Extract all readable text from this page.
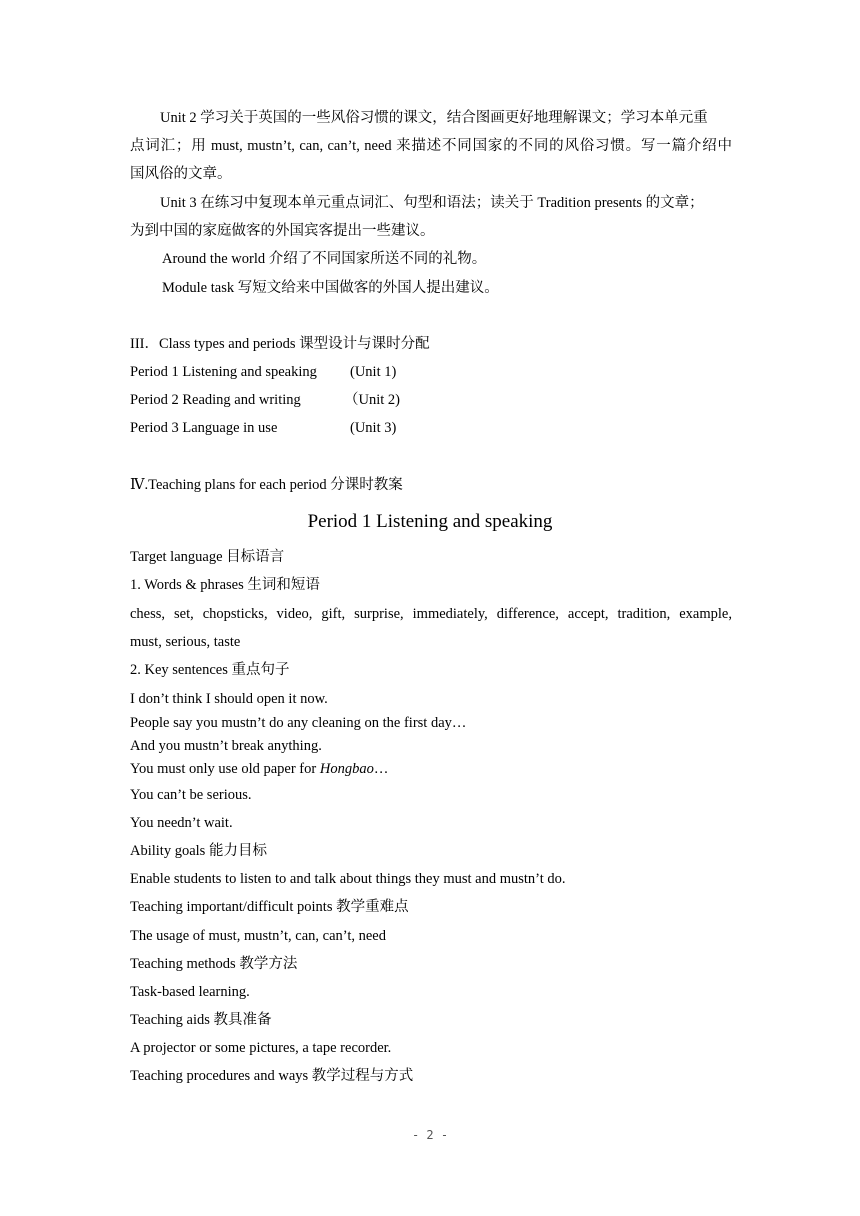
Unit 2 学习关于英国的一些风俗习惯的课文，结合图画更好地理解课文；学习本单元重
点词汇；用 must, mustn’t, can, can’t, need 来描述不同国家的不同的风俗习惯。写一篇介绍中
国风俗的文章。
Unit 3 在练习中复现本单元重点词汇、句型和语法；读关于 Tradition presents 的文章；
为到中国的家庭做客的外国宾客提出一些建议。
Around the world 介绍了不同国家所送不同的礼物。
Module task 写短文给来中国做客的外国人提出建议。
III．Class types and periods 课型设计与课时分配
Period 1 Listening and speaking (Unit 1)
Period 2 Reading and writing	（Unit 2)
Period 3 Language in use	(Unit 3)
Ⅳ.Teaching plans for each period 分课时教案
Period 1 Listening and speaking
Target language 目标语言
1. Words & phrases 生词和短语
chess, set, chopsticks, video, gift, surprise, immediately, difference, accept, tradition, example,
must, serious, taste
2. Key sentences 重点句子
I don’t think I should open it now.
People say you mustn’t do any cleaning on the first day…
And you mustn’t break anything.
You must only use old paper for Hongbao…
You can’t be serious.
You needn’t wait.
Ability goals 能力目标
Enable students to listen to and talk about things they must and mustn’t do.
Teaching important/difficult points 教学重难点
The usage of must, mustn’t, can, can’t, need
Teaching methods 教学方法
Task-based learning.
Teaching aids 教具准备
A projector or some pictures, a tape recorder.
Teaching procedures and ways 教学过程与方式
- 2 -
